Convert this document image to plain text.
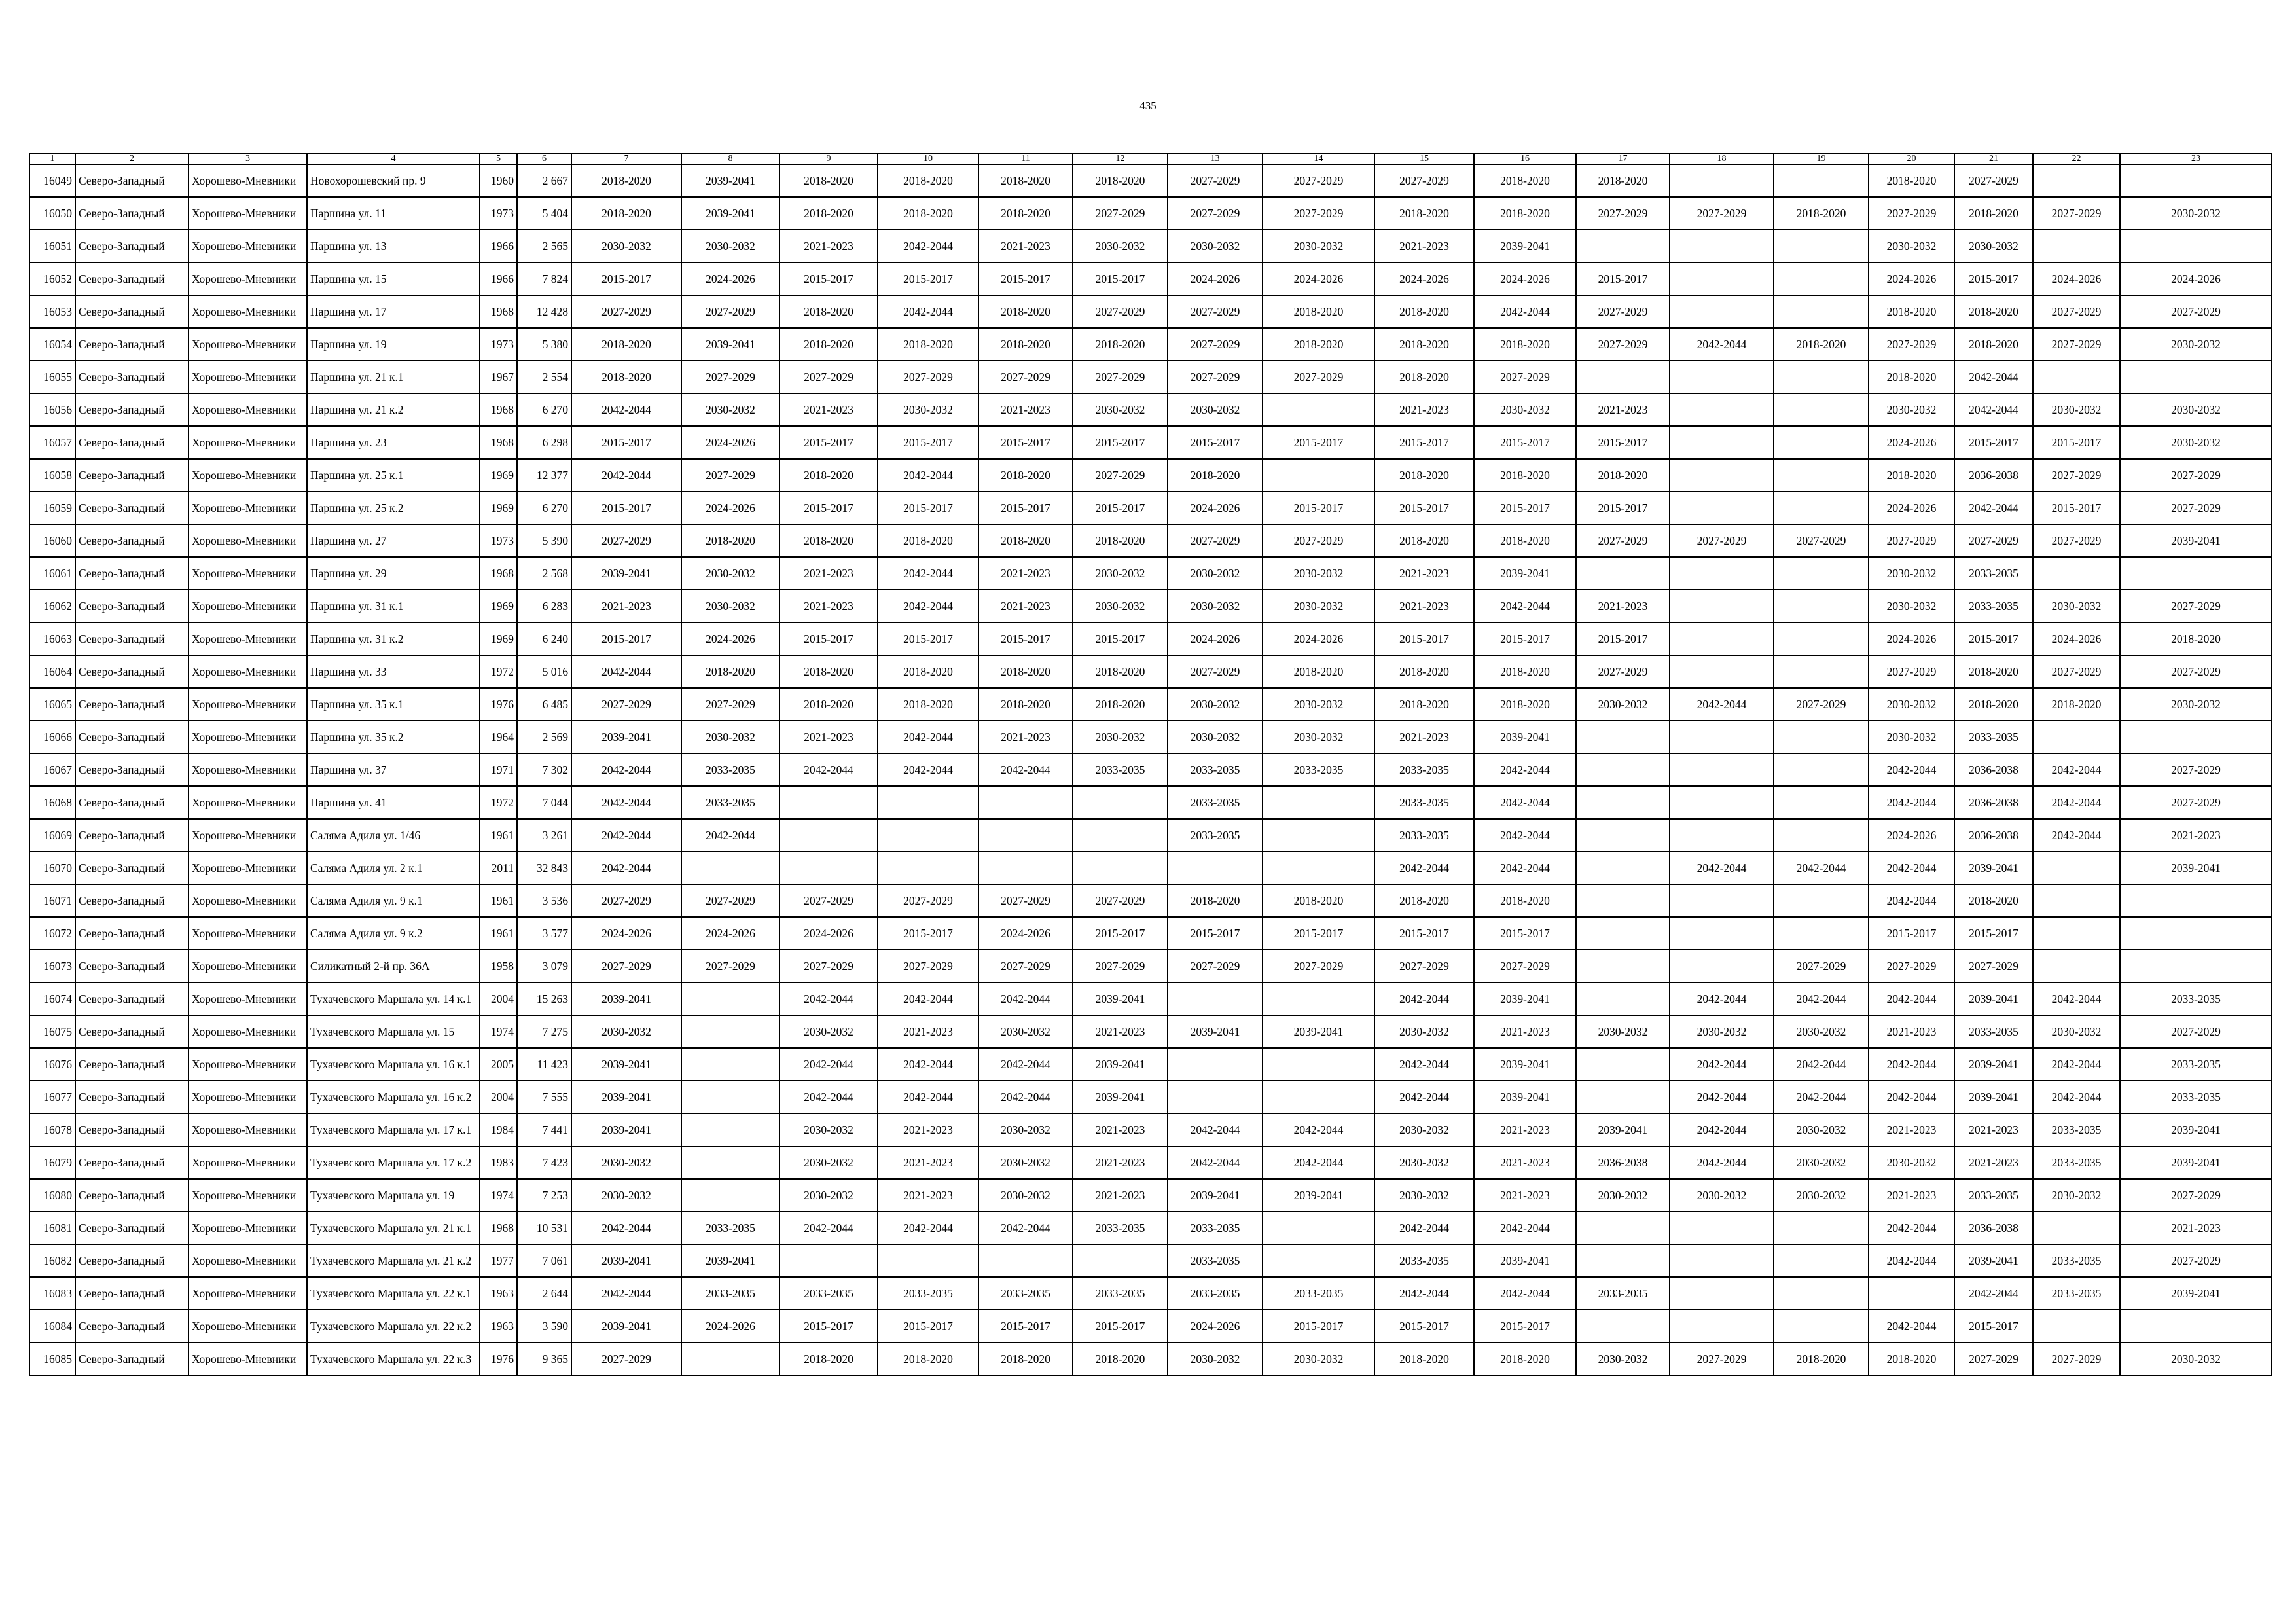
435
1	2	3	4	5	6	7	8	9	10	11	12	13	14	15	16	17	18	19	20	21	22	23
16049	Северо-Западный	Хорошево-Мневники	Новохорошевский пр. 9	1960	2 667	2018-2020	2039-2041	2018-2020	2018-2020	2018-2020	2018-2020	2027-2029	2027-2029	2027-2029	2018-2020	2018-2020			2018-2020	2027-2029		
16050	Северо-Западный	Хорошево-Мневники	Паршина ул. 11	1973	5 404	2018-2020	2039-2041	2018-2020	2018-2020	2018-2020	2027-2029	2027-2029	2027-2029	2018-2020	2018-2020	2027-2029	2027-2029	2018-2020	2027-2029	2018-2020	2027-2029	2030-2032
16051	Северо-Западный	Хорошево-Мневники	Паршина ул. 13	1966	2 565	2030-2032	2030-2032	2021-2023	2042-2044	2021-2023	2030-2032	2030-2032	2030-2032	2021-2023	2039-2041				2030-2032	2030-2032		
16052	Северо-Западный	Хорошево-Мневники	Паршина ул. 15	1966	7 824	2015-2017	2024-2026	2015-2017	2015-2017	2015-2017	2015-2017	2024-2026	2024-2026	2024-2026	2024-2026	2015-2017			2024-2026	2015-2017	2024-2026	2024-2026
16053	Северо-Западный	Хорошево-Мневники	Паршина ул. 17	1968	12 428	2027-2029	2027-2029	2018-2020	2042-2044	2018-2020	2027-2029	2027-2029	2018-2020	2018-2020	2042-2044	2027-2029			2018-2020	2018-2020	2027-2029	2027-2029
16054	Северо-Западный	Хорошево-Мневники	Паршина ул. 19	1973	5 380	2018-2020	2039-2041	2018-2020	2018-2020	2018-2020	2018-2020	2027-2029	2018-2020	2018-2020	2018-2020	2027-2029	2042-2044	2018-2020	2027-2029	2018-2020	2027-2029	2030-2032
16055	Северо-Западный	Хорошево-Мневники	Паршина ул. 21 к.1	1967	2 554	2018-2020	2027-2029	2027-2029	2027-2029	2027-2029	2027-2029	2027-2029	2027-2029	2018-2020	2027-2029				2018-2020	2042-2044		
16056	Северо-Западный	Хорошево-Мневники	Паршина ул. 21 к.2	1968	6 270	2042-2044	2030-2032	2021-2023	2030-2032	2021-2023	2030-2032	2030-2032		2021-2023	2030-2032	2021-2023			2030-2032	2042-2044	2030-2032	2030-2032
16057	Северо-Западный	Хорошево-Мневники	Паршина ул. 23	1968	6 298	2015-2017	2024-2026	2015-2017	2015-2017	2015-2017	2015-2017	2015-2017	2015-2017	2015-2017	2015-2017	2015-2017			2024-2026	2015-2017	2015-2017	2030-2032
16058	Северо-Западный	Хорошево-Мневники	Паршина ул. 25 к.1	1969	12 377	2042-2044	2027-2029	2018-2020	2042-2044	2018-2020	2027-2029	2018-2020		2018-2020	2018-2020	2018-2020			2018-2020	2036-2038	2027-2029	2027-2029
16059	Северо-Западный	Хорошево-Мневники	Паршина ул. 25 к.2	1969	6 270	2015-2017	2024-2026	2015-2017	2015-2017	2015-2017	2015-2017	2024-2026	2015-2017	2015-2017	2015-2017	2015-2017			2024-2026	2042-2044	2015-2017	2027-2029
16060	Северо-Западный	Хорошево-Мневники	Паршина ул. 27	1973	5 390	2027-2029	2018-2020	2018-2020	2018-2020	2018-2020	2018-2020	2027-2029	2027-2029	2018-2020	2018-2020	2027-2029	2027-2029	2027-2029	2027-2029	2027-2029	2027-2029	2039-2041
16061	Северо-Западный	Хорошево-Мневники	Паршина ул. 29	1968	2 568	2039-2041	2030-2032	2021-2023	2042-2044	2021-2023	2030-2032	2030-2032	2030-2032	2021-2023	2039-2041				2030-2032	2033-2035		
16062	Северо-Западный	Хорошево-Мневники	Паршина ул. 31 к.1	1969	6 283	2021-2023	2030-2032	2021-2023	2042-2044	2021-2023	2030-2032	2030-2032	2030-2032	2021-2023	2042-2044	2021-2023			2030-2032	2033-2035	2030-2032	2027-2029
16063	Северо-Западный	Хорошево-Мневники	Паршина ул. 31 к.2	1969	6 240	2015-2017	2024-2026	2015-2017	2015-2017	2015-2017	2015-2017	2024-2026	2024-2026	2015-2017	2015-2017	2015-2017			2024-2026	2015-2017	2024-2026	2018-2020
16064	Северо-Западный	Хорошево-Мневники	Паршина ул. 33	1972	5 016	2042-2044	2018-2020	2018-2020	2018-2020	2018-2020	2018-2020	2027-2029	2018-2020	2018-2020	2018-2020	2027-2029			2027-2029	2018-2020	2027-2029	2027-2029
16065	Северо-Западный	Хорошево-Мневники	Паршина ул. 35 к.1	1976	6 485	2027-2029	2027-2029	2018-2020	2018-2020	2018-2020	2018-2020	2030-2032	2030-2032	2018-2020	2018-2020	2030-2032	2042-2044	2027-2029	2030-2032	2018-2020	2018-2020	2030-2032
16066	Северо-Западный	Хорошево-Мневники	Паршина ул. 35 к.2	1964	2 569	2039-2041	2030-2032	2021-2023	2042-2044	2021-2023	2030-2032	2030-2032	2030-2032	2021-2023	2039-2041				2030-2032	2033-2035		
16067	Северо-Западный	Хорошево-Мневники	Паршина ул. 37	1971	7 302	2042-2044	2033-2035	2042-2044	2042-2044	2042-2044	2033-2035	2033-2035	2033-2035	2033-2035	2042-2044				2042-2044	2036-2038	2042-2044	2027-2029
16068	Северо-Западный	Хорошево-Мневники	Паршина ул. 41	1972	7 044	2042-2044	2033-2035					2033-2035		2033-2035	2042-2044				2042-2044	2036-2038	2042-2044	2027-2029
16069	Северо-Западный	Хорошево-Мневники	Саляма Адиля ул. 1/46	1961	3 261	2042-2044	2042-2044					2033-2035		2033-2035	2042-2044				2024-2026	2036-2038	2042-2044	2021-2023
16070	Северо-Западный	Хорошево-Мневники	Саляма Адиля ул. 2 к.1	2011	32 843	2042-2044								2042-2044	2042-2044		2042-2044	2042-2044	2042-2044	2039-2041		2039-2041
16071	Северо-Западный	Хорошево-Мневники	Саляма Адиля ул. 9 к.1	1961	3 536	2027-2029	2027-2029	2027-2029	2027-2029	2027-2029	2027-2029	2018-2020	2018-2020	2018-2020	2018-2020				2042-2044	2018-2020		
16072	Северо-Западный	Хорошево-Мневники	Саляма Адиля ул. 9 к.2	1961	3 577	2024-2026	2024-2026	2024-2026	2015-2017	2024-2026	2015-2017	2015-2017	2015-2017	2015-2017	2015-2017				2015-2017	2015-2017		
16073	Северо-Западный	Хорошево-Мневники	Силикатный 2-й пр. 36А	1958	3 079	2027-2029	2027-2029	2027-2029	2027-2029	2027-2029	2027-2029	2027-2029	2027-2029	2027-2029	2027-2029			2027-2029	2027-2029	2027-2029		
16074	Северо-Западный	Хорошево-Мневники	Тухачевского Маршала ул. 14 к.1	2004	15 263	2039-2041		2042-2044	2042-2044	2042-2044	2039-2041			2042-2044	2039-2041		2042-2044	2042-2044	2042-2044	2039-2041	2042-2044	2033-2035
16075	Северо-Западный	Хорошево-Мневники	Тухачевского Маршала ул. 15	1974	7 275	2030-2032		2030-2032	2021-2023	2030-2032	2021-2023	2039-2041	2039-2041	2030-2032	2021-2023	2030-2032	2030-2032	2030-2032	2021-2023	2033-2035	2030-2032	2027-2029
16076	Северо-Западный	Хорошево-Мневники	Тухачевского Маршала ул. 16 к.1	2005	11 423	2039-2041		2042-2044	2042-2044	2042-2044	2039-2041			2042-2044	2039-2041		2042-2044	2042-2044	2042-2044	2039-2041	2042-2044	2033-2035
16077	Северо-Западный	Хорошево-Мневники	Тухачевского Маршала ул. 16 к.2	2004	7 555	2039-2041		2042-2044	2042-2044	2042-2044	2039-2041			2042-2044	2039-2041		2042-2044	2042-2044	2042-2044	2039-2041	2042-2044	2033-2035
16078	Северо-Западный	Хорошево-Мневники	Тухачевского Маршала ул. 17 к.1	1984	7 441	2039-2041		2030-2032	2021-2023	2030-2032	2021-2023	2042-2044	2042-2044	2030-2032	2021-2023	2039-2041	2042-2044	2030-2032	2021-2023	2021-2023	2033-2035	2039-2041
16079	Северо-Западный	Хорошево-Мневники	Тухачевского Маршала ул. 17 к.2	1983	7 423	2030-2032		2030-2032	2021-2023	2030-2032	2021-2023	2042-2044	2042-2044	2030-2032	2021-2023	2036-2038	2042-2044	2030-2032	2030-2032	2021-2023	2033-2035	2039-2041
16080	Северо-Западный	Хорошево-Мневники	Тухачевского Маршала ул. 19	1974	7 253	2030-2032		2030-2032	2021-2023	2030-2032	2021-2023	2039-2041	2039-2041	2030-2032	2021-2023	2030-2032	2030-2032	2030-2032	2021-2023	2033-2035	2030-2032	2027-2029
16081	Северо-Западный	Хорошево-Мневники	Тухачевского Маршала ул. 21 к.1	1968	10 531	2042-2044	2033-2035	2042-2044	2042-2044	2042-2044	2033-2035	2033-2035		2042-2044	2042-2044				2042-2044	2036-2038		2021-2023
16082	Северо-Западный	Хорошево-Мневники	Тухачевского Маршала ул. 21 к.2	1977	7 061	2039-2041	2039-2041					2033-2035		2033-2035	2039-2041				2042-2044	2039-2041	2033-2035	2027-2029
16083	Северо-Западный	Хорошево-Мневники	Тухачевского Маршала ул. 22 к.1	1963	2 644	2042-2044	2033-2035	2033-2035	2033-2035	2033-2035	2033-2035	2033-2035	2033-2035	2042-2044	2042-2044	2033-2035				2042-2044	2033-2035	2039-2041
16084	Северо-Западный	Хорошево-Мневники	Тухачевского Маршала ул. 22 к.2	1963	3 590	2039-2041	2024-2026	2015-2017	2015-2017	2015-2017	2015-2017	2024-2026	2015-2017	2015-2017	2015-2017				2042-2044	2015-2017		
16085	Северо-Западный	Хорошево-Мневники	Тухачевского Маршала ул. 22 к.3	1976	9 365	2027-2029		2018-2020	2018-2020	2018-2020	2018-2020	2030-2032	2030-2032	2018-2020	2018-2020	2030-2032	2027-2029	2018-2020	2018-2020	2027-2029	2027-2029	2030-2032
